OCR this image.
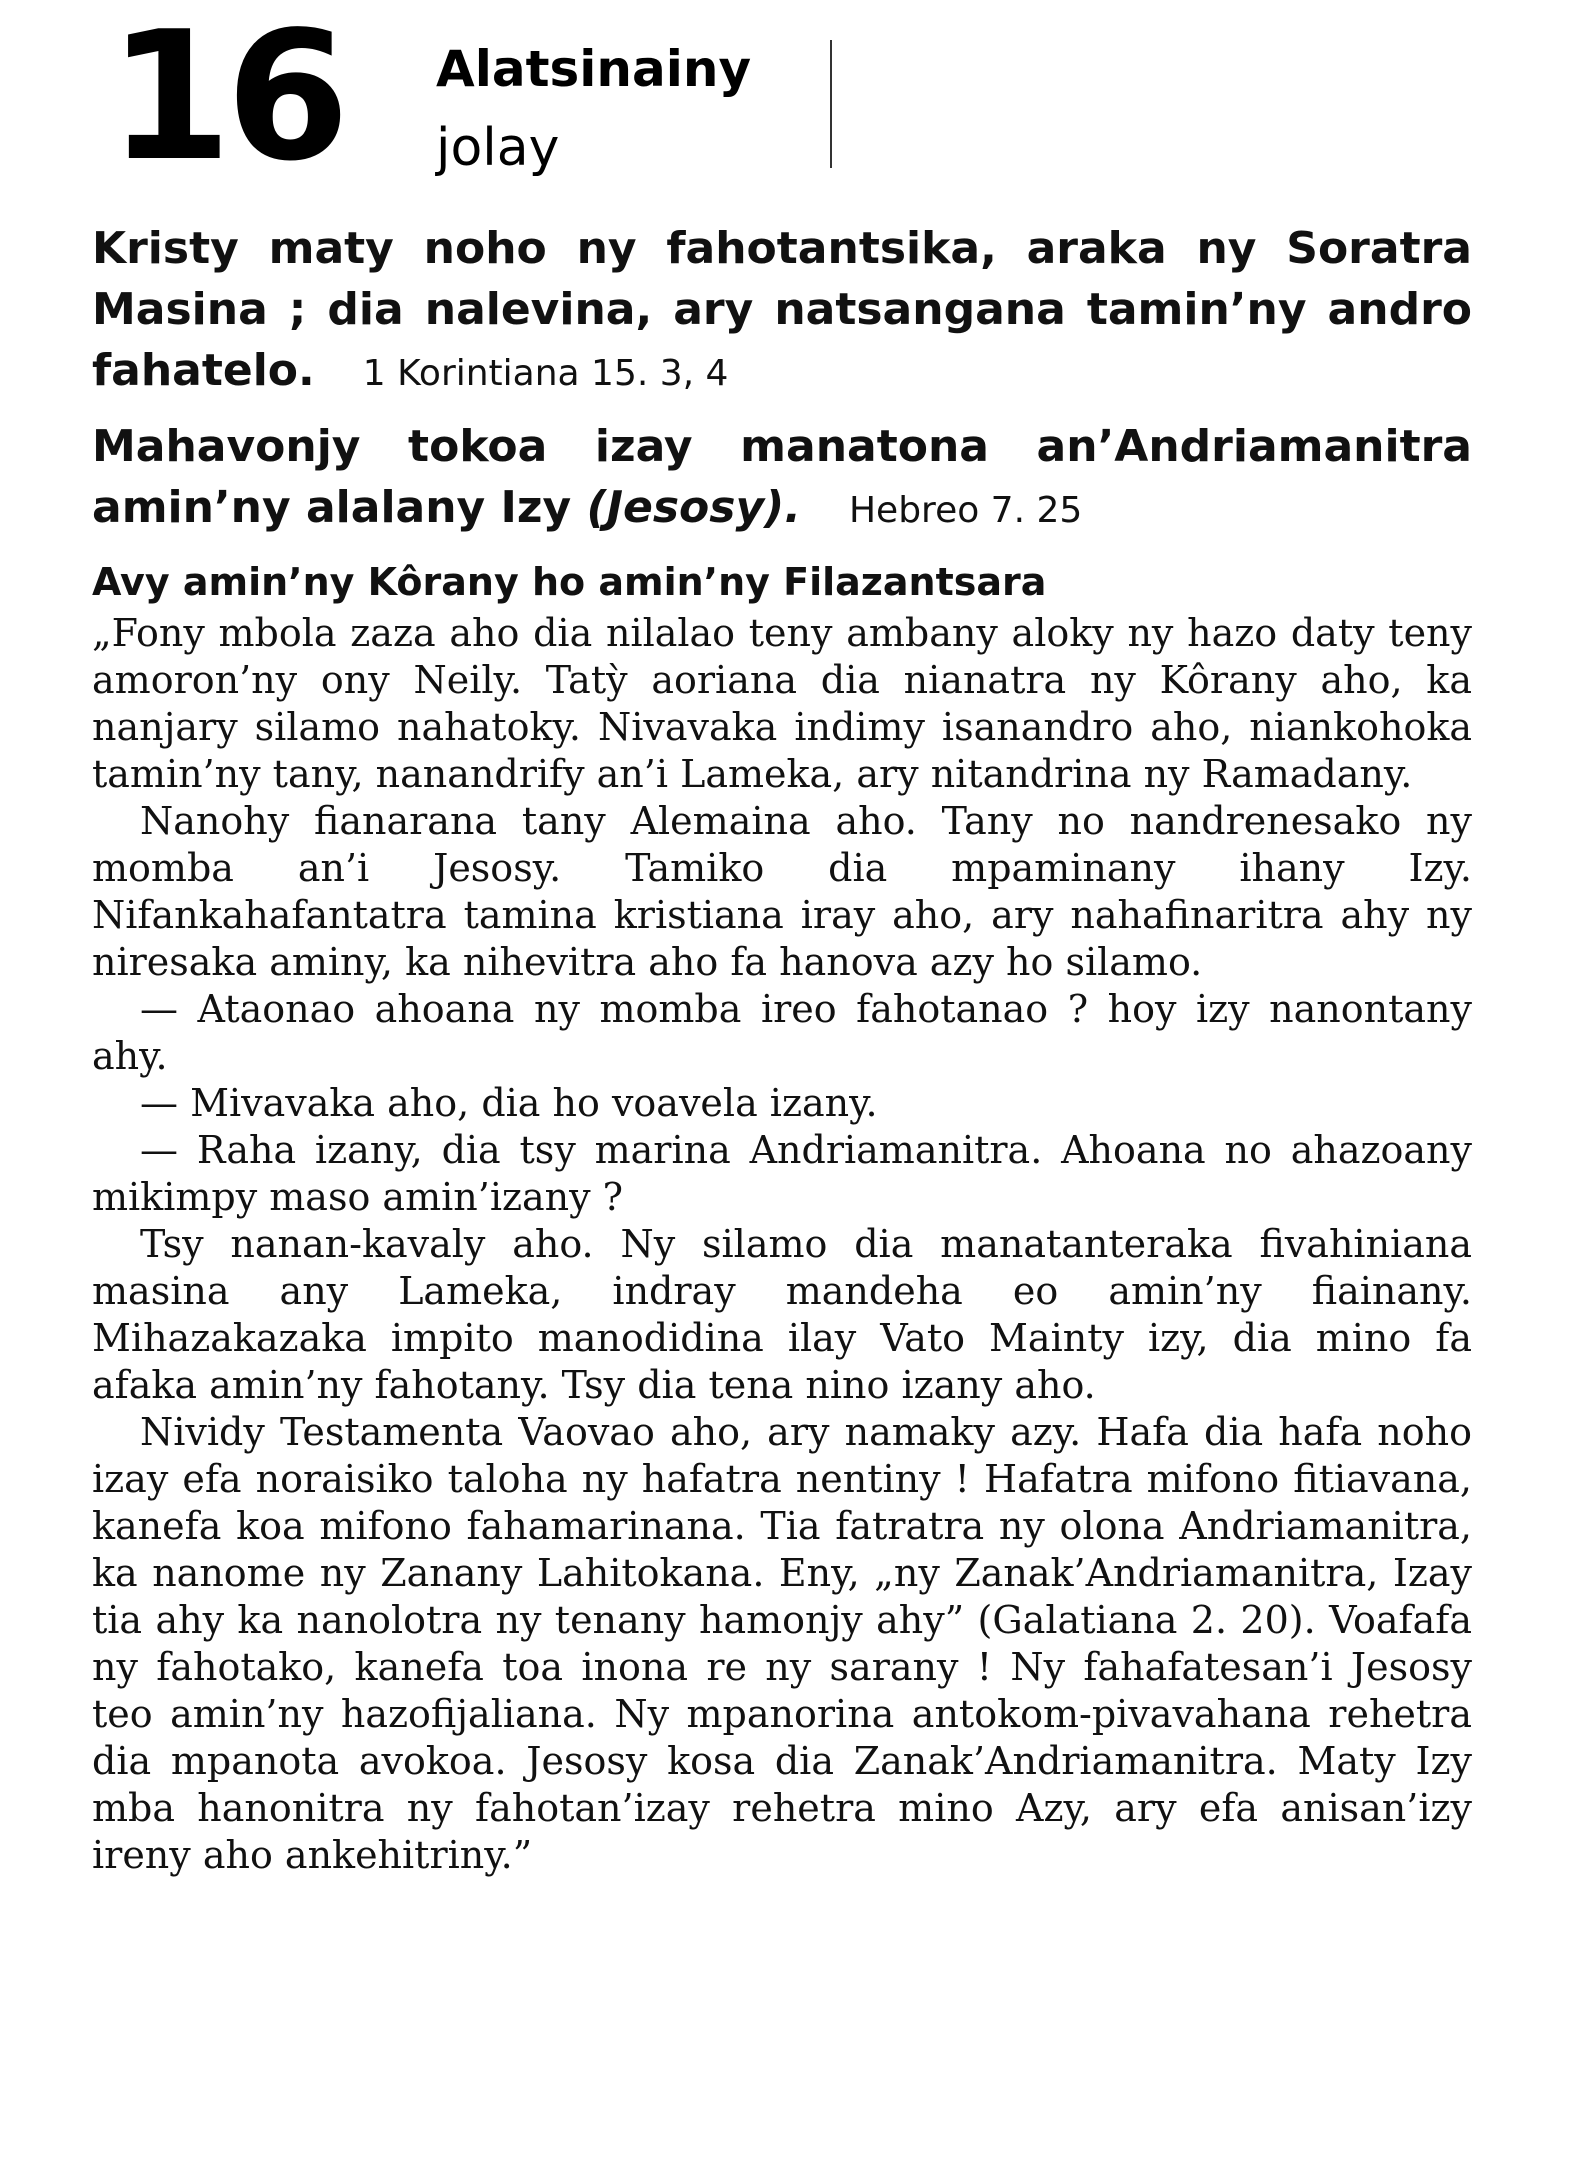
16 Alatsinainy
jolay

Kristy maty noho ny fahotantsika, araka ny Soratra Masina ; dia nalevina, ary natsangana tamin’ny andro fahatelo. 1 Korintiana 15. 3, 4

Mahavonjy tokoa izay manatona an’Andriamanitra amin’ny alalany Izy (Jesosy). Hebreo 7. 25

Avy amin’ny Kôrany ho amin’ny Filazantsara

„Fony mbola zaza aho dia nilalao teny ambany aloky ny hazo daty teny amoron’ny ony Neily. Tatỳ aoriana dia nianatra ny Kôrany aho, ka nanjary silamo nahatoky. Nivavaka indimy isanandro aho, niankohoka tamin’ny tany, nanandrify an’i Lameka, ary nitandrina ny Ramadany.

Nanohy fianarana tany Alemaina aho. Tany no nandrenesako ny momba an’i Jesosy. Tamiko dia mpaminany ihany Izy. Nifankahafantatra tamina kristiana iray aho, ary nahafinaritra ahy ny niresaka aminy, ka nihevitra aho fa hanova azy ho silamo.

— Ataonao ahoana ny momba ireo fahotanao ? hoy izy nanontany ahy.

— Mivavaka aho, dia ho voavela izany.

— Raha izany, dia tsy marina Andriamanitra. Ahoana no ahazoany mikimpy maso amin’izany ?

Tsy nanan-kavaly aho. Ny silamo dia manatanteraka fivahiniana masina any Lameka, indray mandeha eo amin’ny fiainany. Mihazakazaka impito manodidina ilay Vato Mainty izy, dia mino fa afaka amin’ny fahotany. Tsy dia tena nino izany aho.

Nividy Testamenta Vaovao aho, ary namaky azy. Hafa dia hafa noho izay efa noraisiko taloha ny hafatra nentiny ! Hafatra mifono fitiavana, kanefa koa mifono fahamarinana. Tia fatratra ny olona Andriamanitra, ka nanome ny Zanany Lahitokana. Eny, „ny Zanak’Andriamanitra, Izay tia ahy ka nanolotra ny tenany hamonjy ahy” (Galatiana 2. 20). Voafafa ny fahotako, kanefa toa inona re ny sarany ! Ny fahafatesan’i Jesosy teo amin’ny hazofijaliana. Ny mpanorina antokom-pivavahana rehetra dia mpanota avokoa. Jesosy kosa dia Zanak’Andriamanitra. Maty Izy mba hanonitra ny fahotan’izay rehetra mino Azy, ary efa anisan’izy ireny aho ankehitriny.”
